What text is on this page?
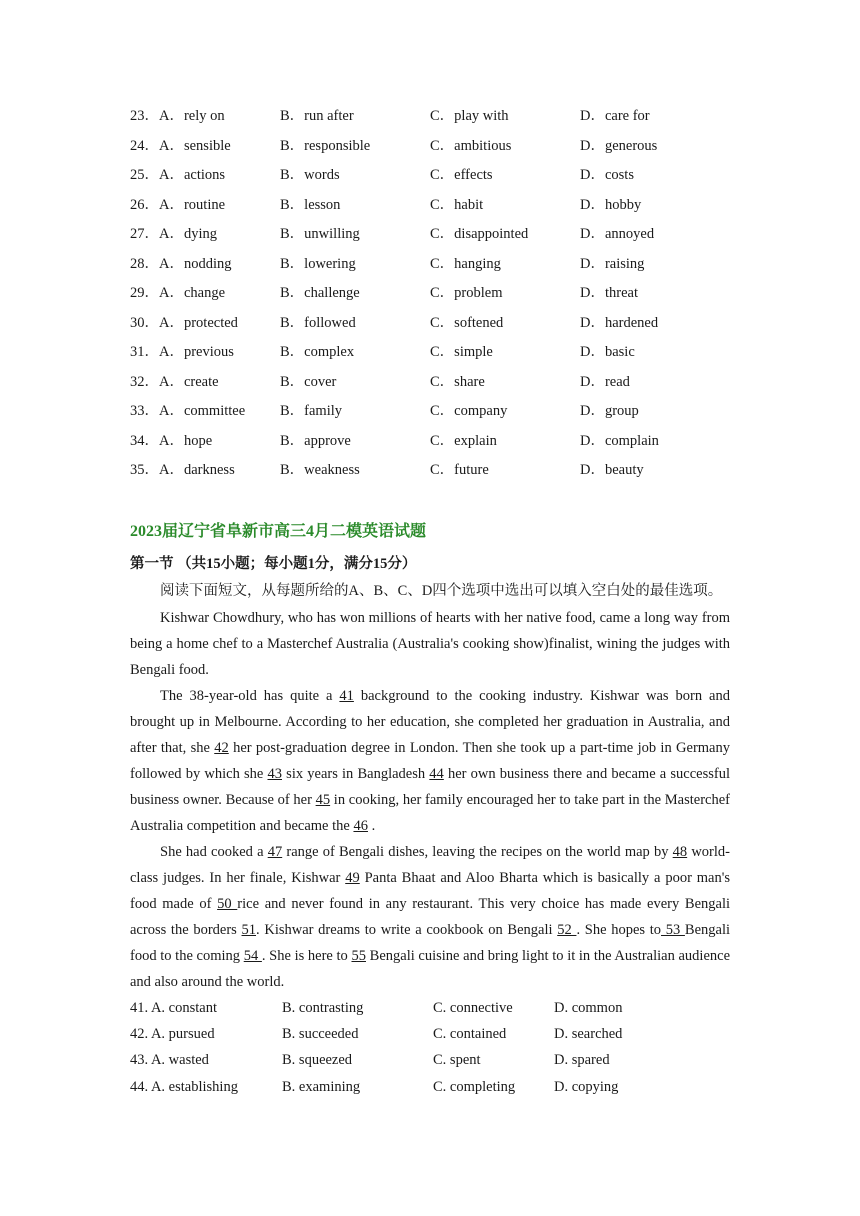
23．A．rely on	B．run after	C．play with	D．care for
24．A．sensible	B．responsible	C．ambitious	D．generous
25．A．actions	B．words	C．effects	D．costs
26．A．routine	B．lesson	C．habit	D．hobby
27．A．dying	B．unwilling	C．disappointed	D．annoyed
28．A．nodding	B．lowering	C．hanging	D．raising
29．A．change	B．challenge	C．problem	D．threat
30．A．protected	B．followed	C．softened	D．hardened
31．A．previous	B．complex	C．simple	D．basic
32．A．create	B．cover	C．share	D．read
33．A．committee B．family	C．company	D．group
34．A．hope	B．approve	C．explain	D．complain
35．A．darkness	B．weakness	C．future	D．beauty
2023届辽宁省阜新市高三4月二模英语试题
第一节 （共15小题；每小题1分，满分15分）
阅读下面短文，从每题所给的A、B、C、D四个选项中选出可以填入空白处的最佳选项。

Kishwar Chowdhury, who has won millions of hearts with her native food, came a long way from being a home chef to a Masterchef Australia (Australia's cooking show)finalist, wining the judges with Bengali food.

The 38-year-old has quite a 41 background to the cooking industry. Kishwar was born and brought up in Melbourne. According to her education, she completed her graduation in Australia, and after that, she 42 her post-graduation degree in London. Then she took up a part-time job in Germany followed by which she 43 six years in Bangladesh 44 her own business there and became a successful business owner. Because of her 45 in cooking, her family encouraged her to take part in the Masterchef Australia competition and became the 46 .

She had cooked a 47 range of Bengali dishes, leaving the recipes on the world map by 48 world-class judges. In her finale, Kishwar 49 Panta Bhaat and Aloo Bharta which is basically a poor man's food made of 50 rice and never found in any restaurant. This very choice has made every Bengali across the borders 51. Kishwar dreams to write a cookbook on Bengali 52 . She hopes to 53 Bengali food to the coming 54 . She is here to 55 Bengali cuisine and bring light to it in the Australian audience and also around the world.

41. A. constant	B. contrasting	C. connective	D. common
42. A. pursued	B. succeeded	C. contained	D. searched
43. A. wasted	B. squeezed	C. spent	D. spared
44. A. establishing	B. examining	C. completing	D. copying
